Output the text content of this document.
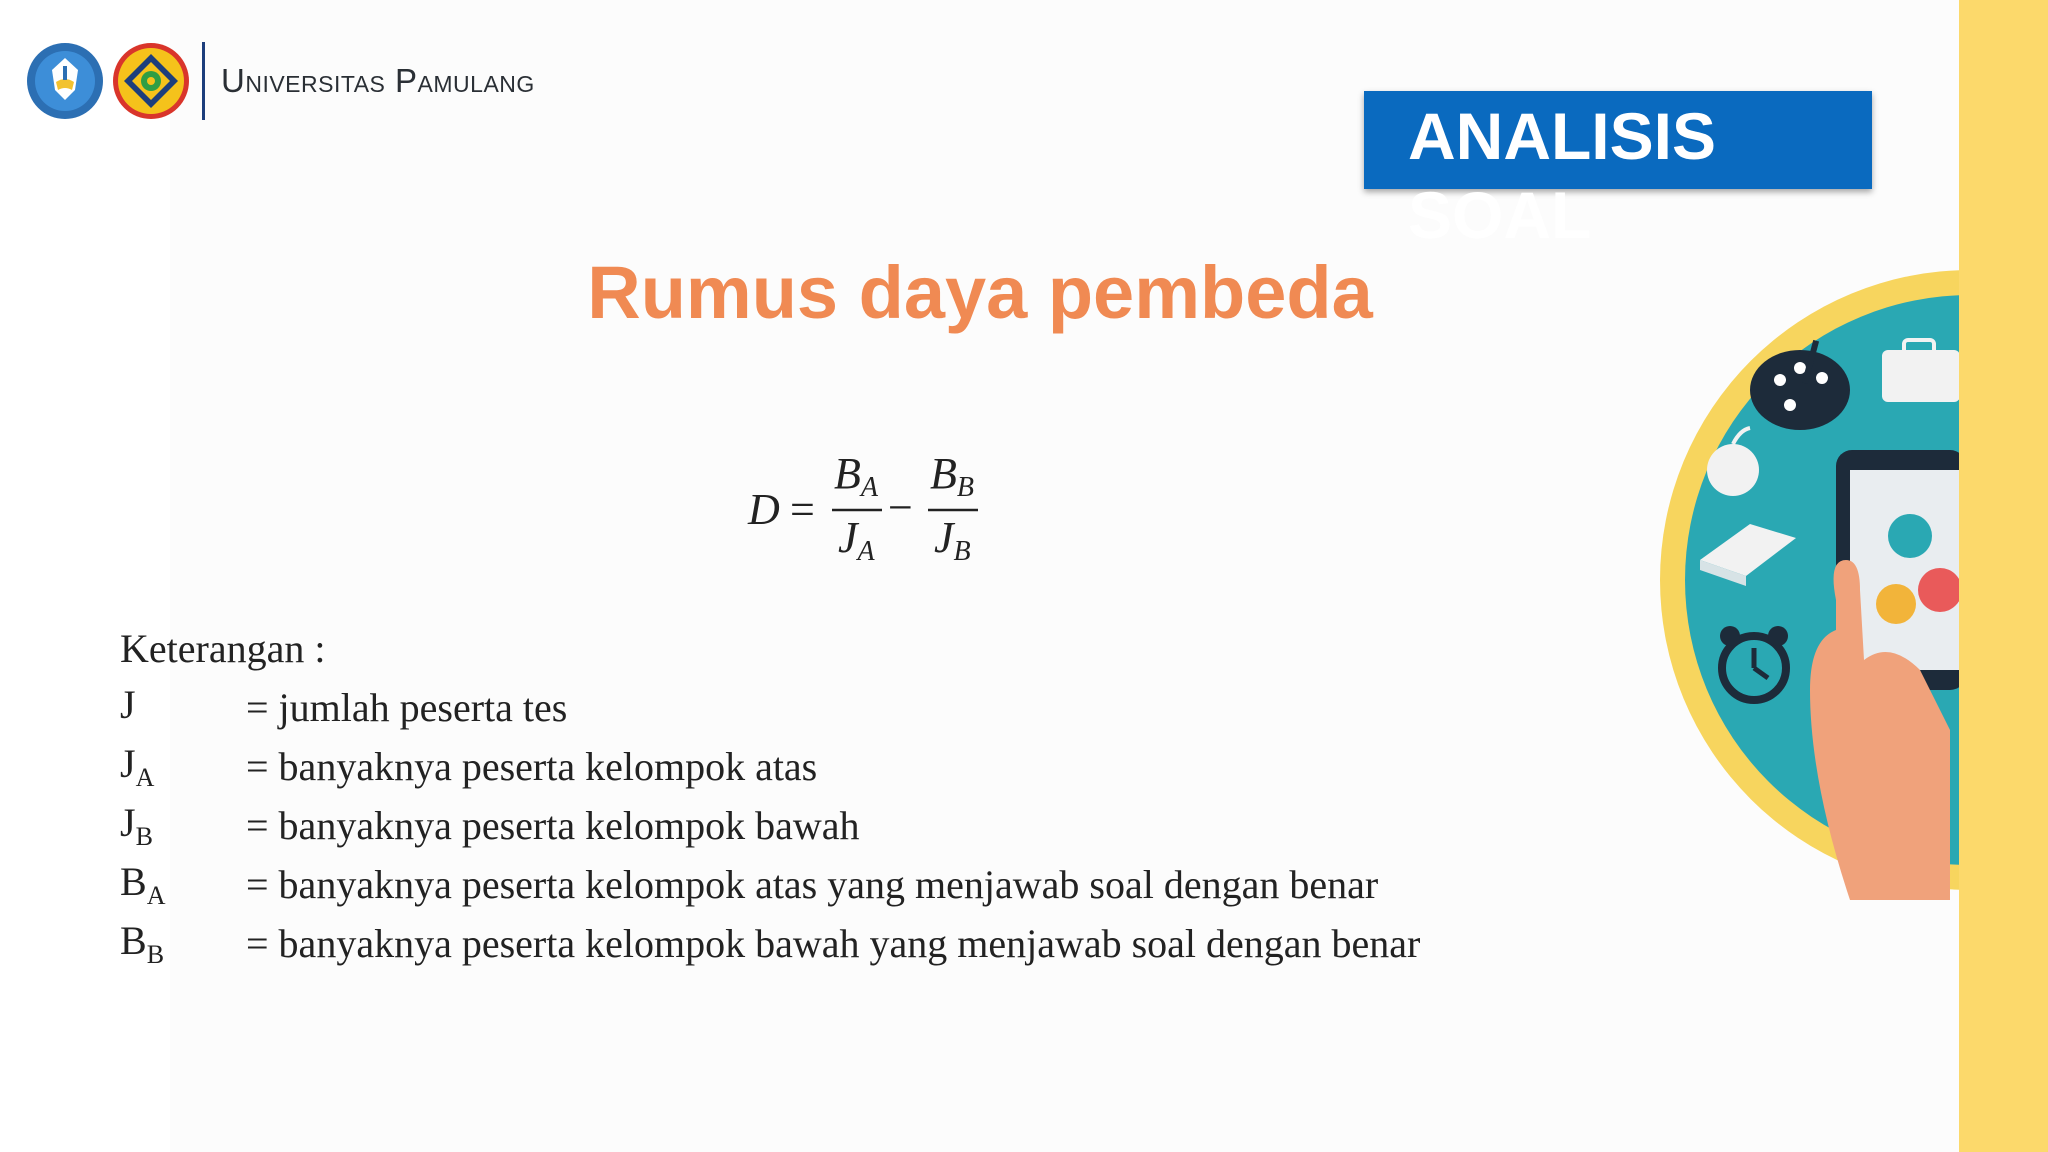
Universitas Pamulang
ANALISIS SOAL
Rumus daya pembeda
D =
BA
JA
−
BB
JB
Keterangan :
J	= jumlah peserta tes
$J_A$	= banyaknya peserta kelompok atas
$J_B$	= banyaknya peserta kelompok bawah
$B_A$	= banyaknya peserta kelompok atas yang menjawab soal dengan benar
$B_B$	= banyaknya peserta kelompok bawah yang menjawab soal dengan benar
